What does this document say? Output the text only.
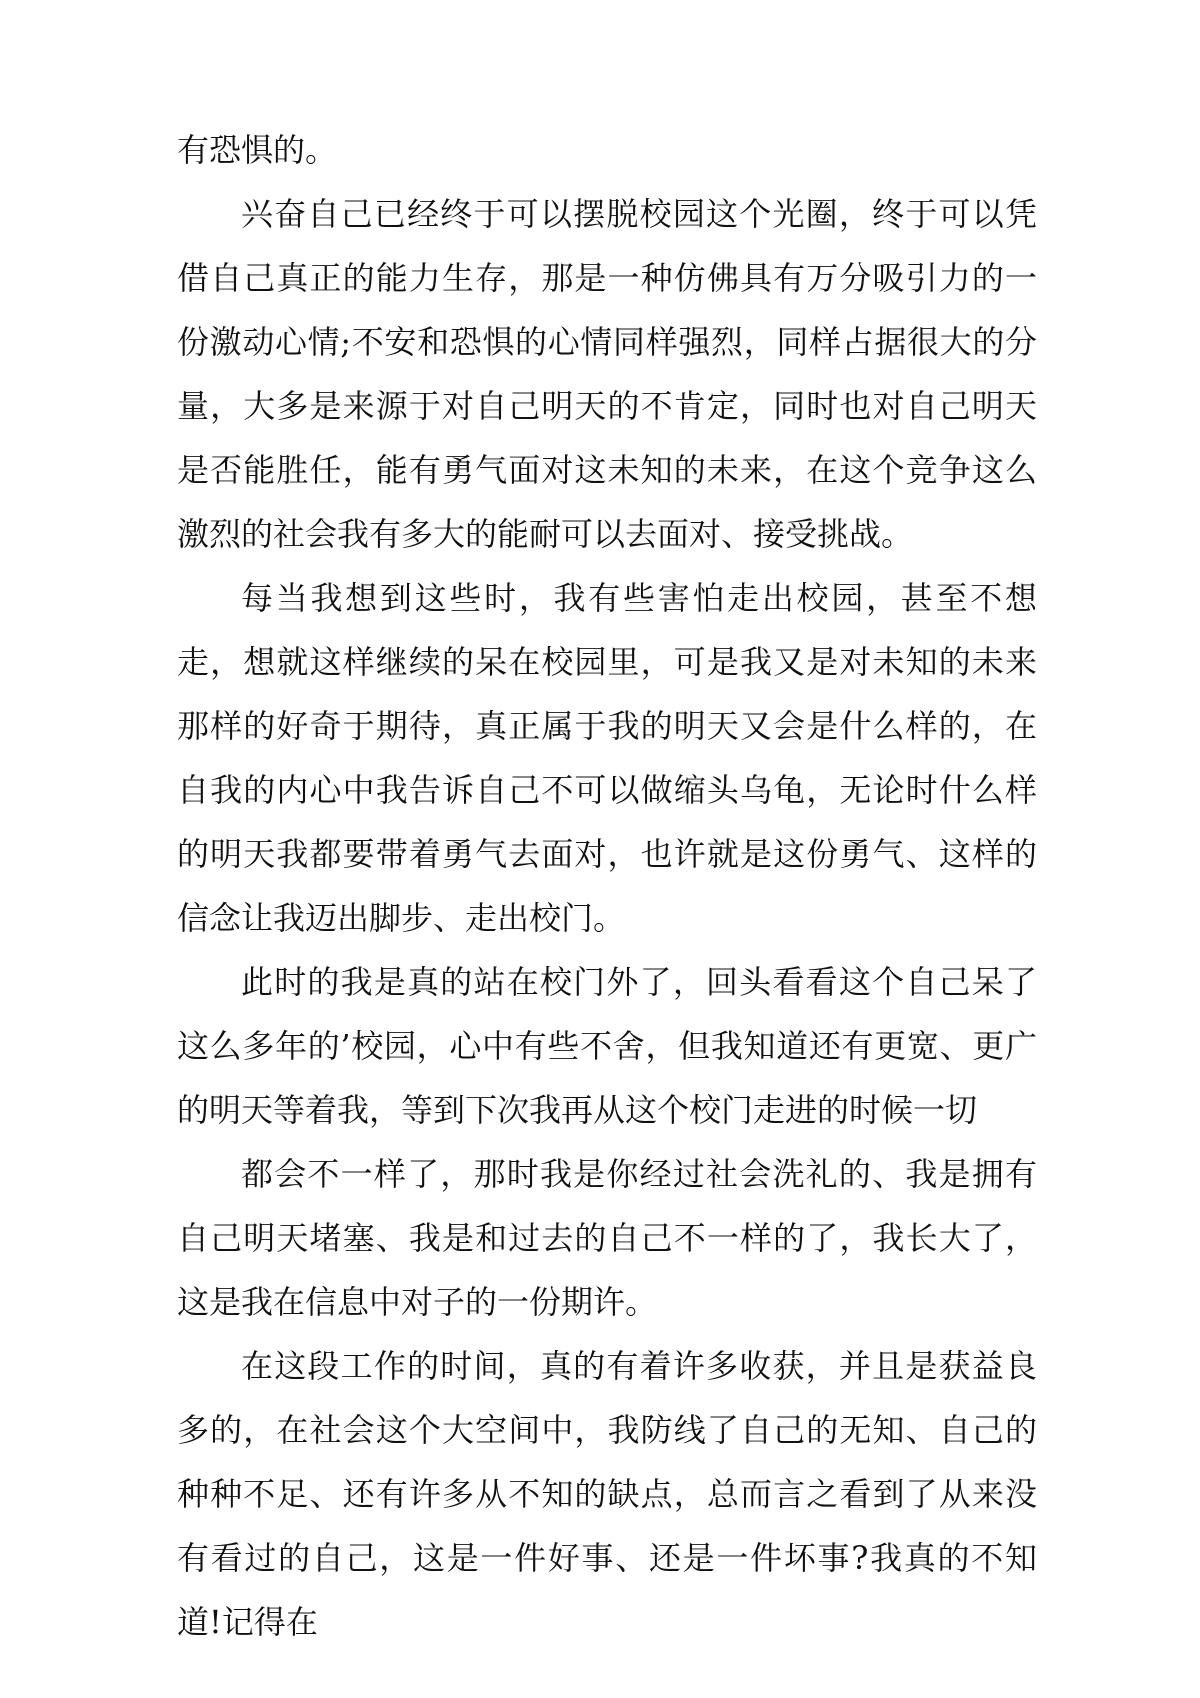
有恐惧的。

兴奋自己已经终于可以摆脱校园这个光圈，终于可以凭借自己真正的能力生存，那是一种仿佛具有万分吸引力的一份激动心情;不安和恐惧的心情同样强烈，同样占据很大的分量，大多是来源于对自己明天的不肯定，同时也对自己明天是否能胜任，能有勇气面对这未知的未来，在这个竞争这么激烈的社会我有多大的能耐可以去面对、接受挑战。

每当我想到这些时，我有些害怕走出校园，甚至不想走，想就这样继续的呆在校园里，可是我又是对未知的未来那样的好奇于期待，真正属于我的明天又会是什么样的，在自我的内心中我告诉自己不可以做缩头乌龟，无论时什么样的明天我都要带着勇气去面对，也许就是这份勇气、这样的信念让我迈出脚步、走出校门。

此时的我是真的站在校门外了，回头看看这个自己呆了这么多年的’校园，心中有些不舍，但我知道还有更宽、更广的明天等着我，等到下次我再从这个校门走进的时候一切

都会不一样了，那时我是你经过社会洗礼的、我是拥有自己明天堵塞、我是和过去的自己不一样的了，我长大了，这是我在信息中对子的一份期许。

在这段工作的时间，真的有着许多收获，并且是获益良多的，在社会这个大空间中，我防线了自己的无知、自己的种种不足、还有许多从不知的缺点，总而言之看到了从来没有看过的自己，这是一件好事、还是一件坏事?我真的不知道!记得在
